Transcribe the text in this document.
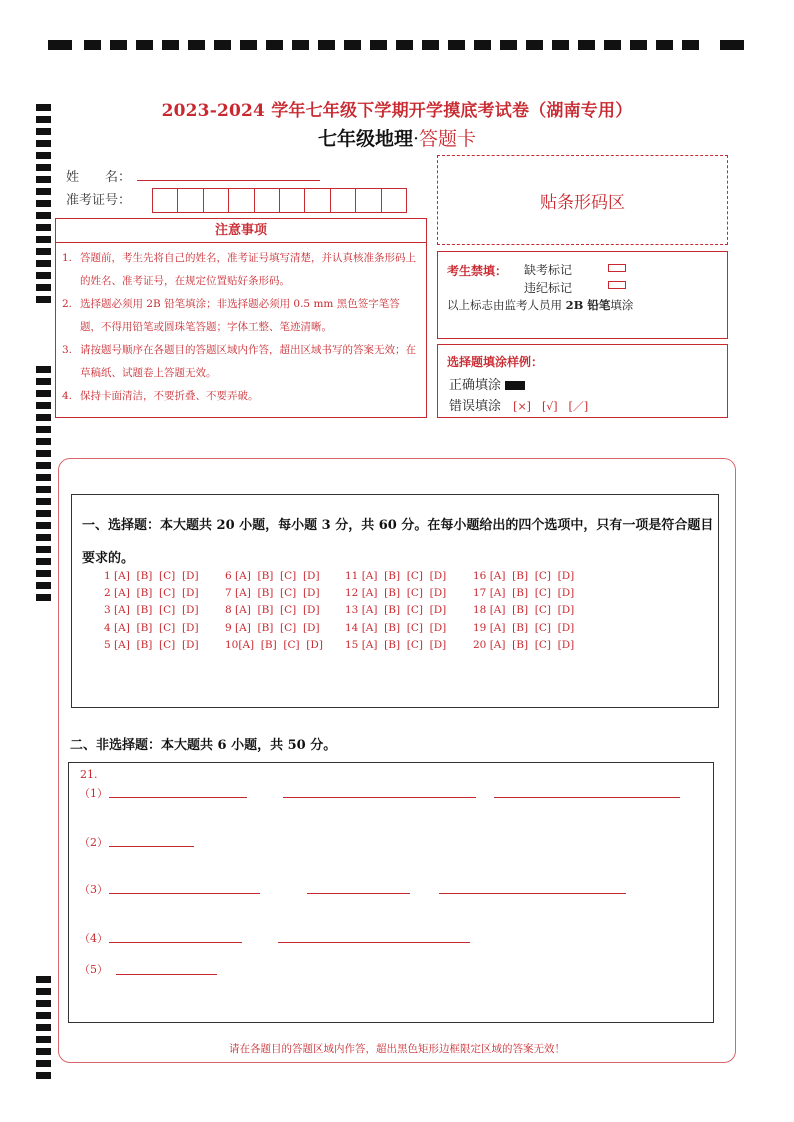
2023-2024 学年七年级下学期开学摸底考试卷（湖南专用）
七年级地理·答题卡
姓　　名：
准考证号：	贴条形码区
注意事项
1. 答题前，考生先将自己的姓名，准考证号填写清楚，并认真核准条形码上的姓名、准考证号，在规定位置贴好条形码。
2. 选择题必须用 2B 铅笔填涂；非选择题必须用 0.5 mm 黑色签字笔答题，不得用铅笔或圆珠笔答题；字体工整、笔迹清晰。
3. 请按题号顺序在各题目的答题区域内作答，超出区域书写的答案无效；在草稿纸、试题卷上答题无效。
4. 保持卡面清洁，不要折叠、不要弄破。
考生禁填： 缺考标记
违纪标记
以上标志由监考人员用 2B 铅笔填涂
选择题填涂样例：
正确填涂
错误填涂 [×]　[√]　[／]
一、选择题：本大题共 20 小题，每小题 3 分，共 60 分。在每小题给出的四个选项中，只有一项是符合题目要求的。
1 [A]  [B]  [C]  [D]
2 [A]  [B]  [C]  [D]
3 [A]  [B]  [C]  [D]
4 [A]  [B]  [C]  [D]
5 [A]  [B]  [C]  [D]
6 [A]  [B]  [C]  [D]
7 [A]  [B]  [C]  [D]
8 [A]  [B]  [C]  [D]
9 [A]  [B]  [C]  [D]
10[A]  [B]  [C]  [D]
11 [A]  [B]  [C]  [D]
12 [A]  [B]  [C]  [D]
13 [A]  [B]  [C]  [D]
14 [A]  [B]  [C]  [D]
15 [A]  [B]  [C]  [D]
16 [A]  [B]  [C]  [D]
17 [A]  [B]  [C]  [D]
18 [A]  [B]  [C]  [D]
19 [A]  [B]  [C]  [D]
20 [A]  [B]  [C]  [D]
二、非选择题：本大题共 6 小题，共 50 分。
21.
（1）
（2）
（3）
（4）
（5）
请在各题目的答题区域内作答，超出黑色矩形边框限定区域的答案无效！
